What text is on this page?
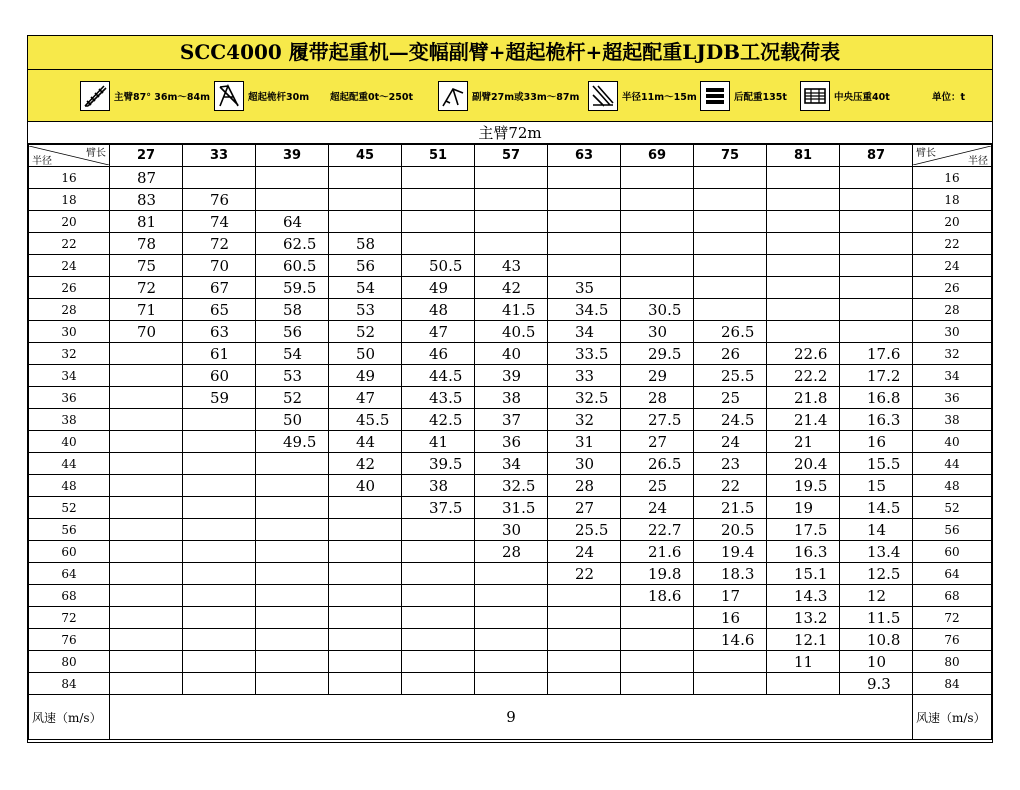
SCC4000 履带起重机—变幅副臂+超起桅杆+超起配重LJDB工况载荷表
主臂87° 36m～84m	超起桅杆30m 超起配重0t～250t	副臂27m或33m～87m	半径11m～15m	后配重135t	中央压重40t	单位：t
主臂72m
臂长
半径	27	33	39	45	51	57	63	69	75	81	87	臂长
半径

16	87											16
18	83	76										18
20	81	74	64									20
22	78	72	62.5	58								22
24	75	70	60.5	56	50.5	43						24
26	72	67	59.5	54	49	42	35					26
28	71	65	58	53	48	41.5	34.5	30.5				28
30	70	63	56	52	47	40.5	34	30	26.5			30
32		61	54	50	46	40	33.5	29.5	26	22.6	17.6	32
34		60	53	49	44.5	39	33	29	25.5	22.2	17.2	34
36		59	52	47	43.5	38	32.5	28	25	21.8	16.8	36
38			50	45.5	42.5	37	32	27.5	24.5	21.4	16.3	38
40			49.5	44	41	36	31	27	24	21	16	40
44				42	39.5	34	30	26.5	23	20.4	15.5	44
48				40	38	32.5	28	25	22	19.5	15	48
52					37.5	31.5	27	24	21.5	19	14.5	52
56						30	25.5	22.7	20.5	17.5	14	56
60						28	24	21.6	19.4	16.3	13.4	60
64							22	19.8	18.3	15.1	12.5	64
68								18.6	17	14.3	12	68
72									16	13.2	11.5	72
76									14.6	12.1	10.8	76
80										11	10	80
84											9.3	84
风速（m/s）	9											风速（m/s）
